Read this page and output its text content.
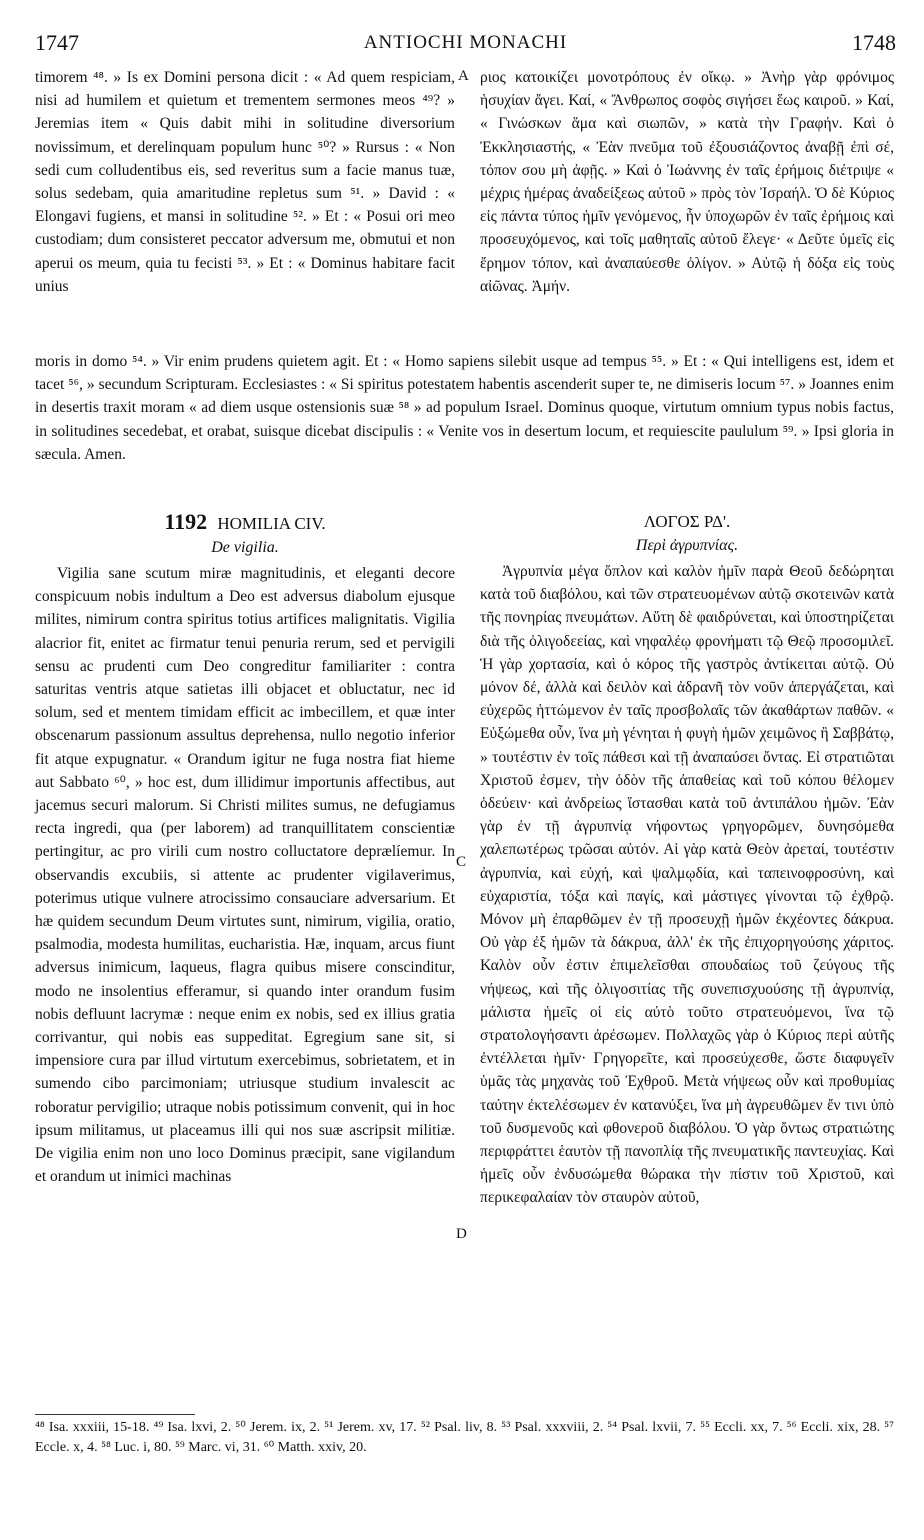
1747	ANTIOCHI MONACHI	1748
A
C
D

timorem ⁴⁸. » Is ex Domini persona dicit : « Ad quem respiciam, nisi ad humilem et quietum et trementem sermones meos ⁴⁹? » Jeremias item « Quis dabit mihi in solitudine diversorium novissimum, et derelinquam populum hunc ⁵⁰? » Rursus : « Non sedi cum colludentibus eis, sed reveritus sum a facie manus tuæ, solus sedebam, quia amaritudine repletus sum ⁵¹. » David : « Elongavi fugiens, et mansi in solitudine ⁵². » Et : « Posui ori meo custodiam; dum consisteret peccator adversum me, obmutui et non aperui os meum, quia tu fecisti ⁵³. » Et : « Dominus habitare facit unius

ριος κατοικίζει μονοτρόπους ἐν οἴκῳ. » Ἀνὴρ γὰρ φρόνιμος ἡσυχίαν ἄγει. Καί, « Ἄνθρωπος σοφὸς σιγήσει ἕως καιροῦ. » Καί, « Γινώσκων ἅμα καὶ σιωπῶν, » κατὰ τὴν Γραφήν. Καὶ ὁ Ἐκκλησιαστής, « Ἐὰν πνεῦμα τοῦ ἐξουσιάζοντος ἀναβῇ ἐπὶ σέ, τόπον σου μὴ ἀφῇς. » Καὶ ὁ Ἰωάννης ἐν ταῖς ἐρήμοις διέτριψε « μέχρις ἡμέρας ἀναδείξεως αὐτοῦ » πρὸς τὸν Ἰσραήλ. Ὁ δὲ Κύριος εἰς πάντα τύπος ἡμῖν γενόμενος, ἦν ὑποχωρῶν ἐν ταῖς ἐρήμοις καὶ προσευχόμενος, καὶ τοῖς μαθηταῖς αὐτοῦ ἔλεγε· « Δεῦτε ὑμεῖς εἰς ἔρημον τόπον, καὶ ἀναπαύεσθε ὀλίγον. » Αὐτῷ ἡ δόξα εἰς τοὺς αἰῶνας. Ἀμήν.

moris in domo ⁵⁴. » Vir enim prudens quietem agit. Et : « Homo sapiens silebit usque ad tempus ⁵⁵. » Et : « Qui intelligens est, idem et tacet ⁵⁶, » secundum Scripturam. Ecclesiastes : « Si spiritus potestatem habentis ascenderit super te, ne dimiseris locum ⁵⁷. » Joannes enim in desertis traxit moram « ad diem usque ostensionis suæ ⁵⁸ » ad populum Israel. Dominus quoque, virtutum omnium typus nobis factus, in solitudines secedebat, et orabat, suisque dicebat discipulis : « Venite vos in desertum locum, et requiescite paululum ⁵⁹. » Ipsi gloria in sæcula. Amen.

1192 HOMILIA CIV.
De vigilia.

Vigilia sane scutum miræ magnitudinis, et eleganti decore conspicuum nobis indultum a Deo est adversus diabolum ejusque milites, nimirum contra spiritus totius artifices malignitatis. Vigilia alacrior fit, enitet ac firmatur tenui penuria rerum, sed et pervigili sensu ac prudenti cum Deo congreditur familiariter : contra saturitas ventris atque satietas illi objacet et obluctatur, nec id solum, sed et mentem timidam efficit ac imbecillem, et quæ inter obscenarum passionum assultus deprehensa, nullo negotio inferior fit atque expugnatur. « Orandum igitur ne fuga nostra fiat hieme aut Sabbato ⁶⁰, » hoc est, dum illidimur importunis affectibus, aut jacemus securi malorum. Si Christi milites sumus, ne defugiamus recta ingredi, qua (per laborem) ad tranquillitatem conscientiæ pertingitur, ac pro virili cum nostro colluctatore deprælíemur. In observandis excubiis, si attente ac prudenter vigilaverimus, poterimus utique vulnere atrocissimo consauciare adversarium. Et hæ quidem secundum Deum virtutes sunt, nimirum, vigilia, oratio, psalmodia, modesta humilitas, eucharistia. Hæ, inquam, arcus fiunt adversus inimicum, laqueus, flagra quibus misere conscinditur, modo ne insolentius efferamur, si quando inter orandum fusim nobis defluunt lacrymæ : neque enim ex nobis, sed ex illius gratia corrivantur, qui nobis eas suppeditat. Egregium sane sit, si impensiore cura par illud virtutum exercebimus, sobrietatem, et in sumendo cibo parcimoniam; utriusque studium invalescit ac roboratur pervigilio; utraque nobis potissimum convenit, qui in hoc ipsum militamus, ut placeamus illi qui nos suæ ascripsit militiæ. De vigilia enim non uno loco Dominus præcipit, sane vigilandum et orandum ut inimici machinas

ΛΟΓΟΣ ΡΔ'.
Περὶ ἀγρυπνίας.

Ἀγρυπνία μέγα ὅπλον καὶ καλὸν ἡμῖν παρὰ Θεοῦ δεδώρηται κατὰ τοῦ διαβόλου, καὶ τῶν στρατευομένων αὐτῷ σκοτεινῶν κατὰ τῆς πονηρίας πνευμάτων. Αὕτη δὲ φαιδρύνεται, καὶ ὑποστηρίζεται διὰ τῆς ὀλιγοδεείας, καὶ νηφαλέῳ φρονήματι τῷ Θεῷ προσομιλεῖ. Ἡ γὰρ χορτασία, καὶ ὁ κόρος τῆς γαστρὸς ἀντίκειται αὐτῷ. Οὐ μόνον δέ, ἀλλὰ καὶ δειλὸν καὶ ἀδρανῆ τὸν νοῦν ἀπεργάζεται, καὶ εὐχερῶς ἡττώμενον ἐν ταῖς προσβολαῖς τῶν ἀκαθάρτων παθῶν. « Εὐξώμεθα οὖν, ἵνα μὴ γένηται ἡ φυγὴ ἡμῶν χειμῶνος ἢ Σαββάτῳ, » τουτέστιν ἐν τοῖς πάθεσι καὶ τῇ ἀναπαύσει ὄντας. Εἰ στρατιῶται Χριστοῦ ἐσμεν, τὴν ὁδὸν τῆς ἀπαθείας καὶ τοῦ κόπου θέλομεν ὁδεύειν· καὶ ἀνδρείως ἵστασθαι κατὰ τοῦ ἀντιπάλου ἡμῶν. Ἐὰν γὰρ ἐν τῇ ἀγρυπνίᾳ νήφοντως γρηγορῶμεν, δυνησόμεθα χαλεπωτέρως τρῶσαι αὐτόν. Αἱ γὰρ κατὰ Θεὸν ἀρεταί, τουτέστιν ἀγρυπνία, καὶ εὐχή, καὶ ψαλμῳδία, καὶ ταπεινοφροσύνη, καὶ εὐχαριστία, τόξα καὶ παγίς, καὶ μάστιγες γίνονται τῷ ἐχθρῷ. Μόνον μὴ ἐπαρθῶμεν ἐν τῇ προσευχῇ ἡμῶν ἐκχέοντες δάκρυα. Οὐ γὰρ ἐξ ἡμῶν τὰ δάκρυα, ἀλλ' ἐκ τῆς ἐπιχορηγούσης χάριτος. Καλὸν οὖν ἐστιν ἐπιμελεῖσθαι σπουδαίως τοῦ ζεύγους τῆς νήψεως, καὶ τῆς ὀλιγοσιτίας τῆς συνεπισχυούσης τῇ ἀγρυπνίᾳ, μάλιστα ἡμεῖς οἱ εἰς αὐτὸ τοῦτο στρατευόμενοι, ἵνα τῷ στρατολογήσαντι ἀρέσωμεν. Πολλαχῶς γὰρ ὁ Κύριος περὶ αὐτῆς ἐντέλλεται ἡμῖν· Γρηγορεῖτε, καὶ προσεύχεσθε, ὥστε διαφυγεῖν ὑμᾶς τὰς μηχανὰς τοῦ Ἐχθροῦ. Μετὰ νήψεως οὖν καὶ προθυμίας ταύτην ἐκτελέσωμεν ἐν κατανύξει, ἵνα μὴ ἀγρευθῶμεν ἔν τινι ὑπὸ τοῦ δυσμενοῦς καὶ φθονεροῦ διαβόλου. Ὁ γὰρ ὄντως στρατιώτης περιφράττει ἑαυτὸν τῇ πανοπλίᾳ τῆς πνευματικῆς παντευχίας. Καὶ ἡμεῖς οὖν ἐνδυσώμεθα θώρακα τὴν πίστιν τοῦ Χριστοῦ, καὶ περικεφαλαίαν τὸν σταυρὸν αὐτοῦ,

⁴⁸ Isa. xxxiii, 15-18. ⁴⁹ Isa. lxvi, 2. ⁵⁰ Jerem. ix, 2. ⁵¹ Jerem. xv, 17. ⁵² Psal. liv, 8. ⁵³ Psal. xxxviii, 2. ⁵⁴ Psal. lxvii, 7. ⁵⁵ Eccli. xx, 7. ⁵⁶ Eccli. xix, 28. ⁵⁷ Eccle. x, 4. ⁵⁸ Luc. i, 80. ⁵⁹ Marc. vi, 31. ⁶⁰ Matth. xxiv, 20.
